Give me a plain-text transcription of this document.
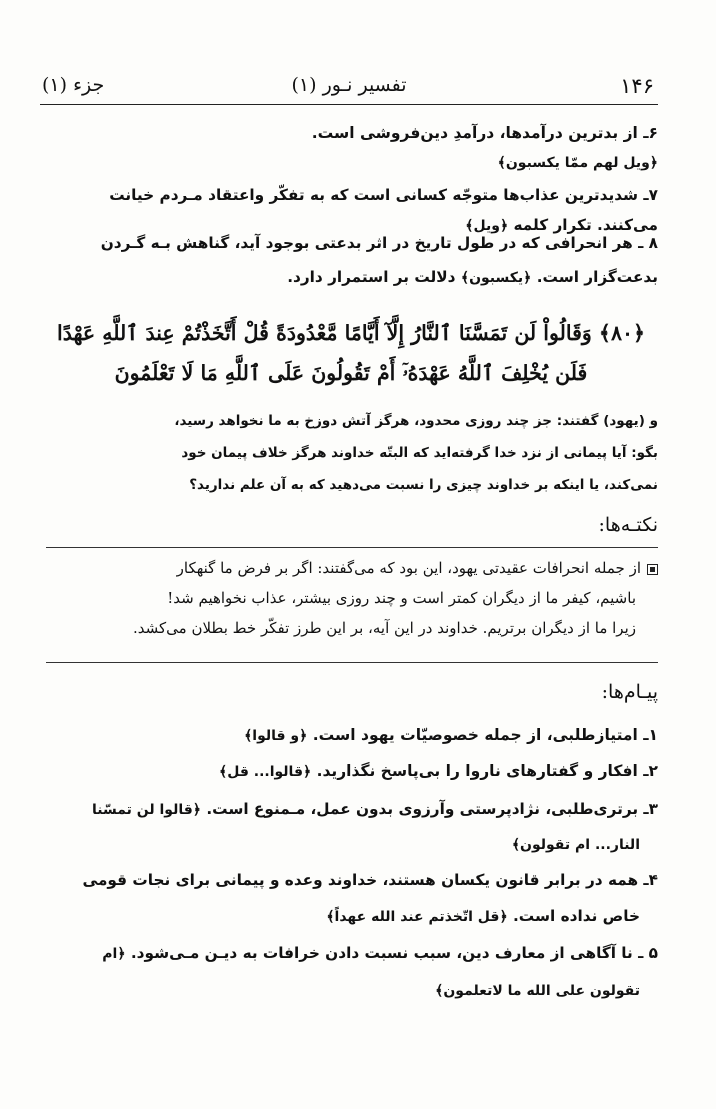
۱۴۶
تفسیر نـور (۱)
جزء (۱)
۶ـ از بدترین درآمدها، درآمدِ دین‌فروشی است.
﴿ویل لهم ممّا یکسبون﴾
۷ـ شدیدترین عذاب‌ها متوجّه کسانی است که به تفکّر واعتقاد مـردم خیانت
می‌کنند. تکرار کلمه ﴿ویل﴾
۸ ـ هر انحرافی که در طول تاریخ در اثر بدعتی بوجود آید، گناهش بـه گـردن
بدعت‌گزار است. ﴿یکسبون﴾ دلالت بر استمرار دارد.
﴿۸۰﴾ وَقَالُواْ لَن تَمَسَّنَا ٱلنَّارُ إِلَّآ أَيَّامًا مَّعْدُودَةً قُلْ أَتَّخَذْتُمْ عِندَ ٱللَّهِ عَهْدًا
فَلَن يُخْلِفَ ٱللَّهُ عَهْدَهُۥٓ أَمْ تَقُولُونَ عَلَى ٱللَّهِ مَا لَا تَعْلَمُونَ
و (یهود) گفتند: جز چند روزی محدود، هرگز آتش دوزخ به ما نخواهد رسید،
بگو: آیا پیمانی از نزد خدا گرفته‌اید که البتّه خداوند هرگز خلاف پیمان خود
نمی‌کند، یا اینکه بر خداوند چیزی را نسبت می‌دهید که به آن علم ندارید؟
نکتـه‌ها:
از جمله انحرافات عقیدتی یهود، این بود که می‌گفتند: اگر بر فرض ما گنهکار
باشیم، کیفر ما از دیگران کمتر است و چند روزی بیشتر، عذاب نخواهیم شد!
زیرا ما از دیگران برتریم. خداوند در این آیه، بر این طرز تفکّر خط بطلان می‌کشد.
پیـام‌ها:
۱ـ امتیازطلبی، از جمله خصوصیّات یهود است. ﴿و قالوا﴾
۲ـ افکار و گفتارهای ناروا را بی‌پاسخ نگذارید. ﴿قالوا... قل﴾
۳ـ برتری‌طلبی، نژادپرستی وآرزوی بدون عمل، مـمنوع است. ﴿قالوا لن تمسّنا
النار... ام تقولون﴾
۴ـ همه در برابر قانون یکسان هستند، خداوند وعده و پیمانی برای نجات قومی
خاص نداده است. ﴿قل اتّخذتم عند الله عهداً﴾
۵ ـ نا آگاهی از معارف دین، سبب نسبت دادن خرافات به دیـن مـی‌شود. ﴿ام
تقولون علی الله ما لاتعلمون﴾
